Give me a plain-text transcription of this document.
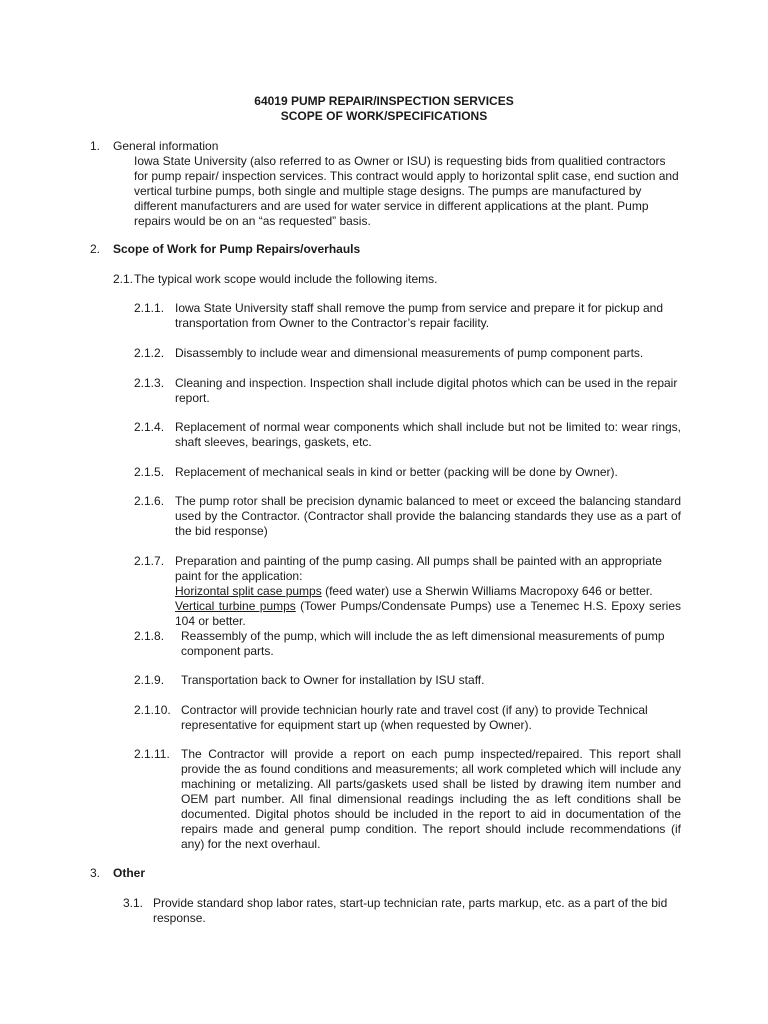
64019 PUMP REPAIR/INSPECTION SERVICES
SCOPE OF WORK/SPECIFICATIONS
1. General information
Iowa State University (also referred to as Owner or ISU) is requesting bids from qualitied contractors for pump repair/ inspection services. This contract would apply to horizontal split case, end suction and vertical turbine pumps, both single and multiple stage designs. The pumps are manufactured by different manufacturers and are used for water service in different applications at the plant. Pump repairs would be on an “as requested” basis.
2. Scope of Work for Pump Repairs/overhauls
2.1. The typical work scope would include the following items.
2.1.1. Iowa State University staff shall remove the pump from service and prepare it for pickup and transportation from Owner to the Contractor’s repair facility.
2.1.2. Disassembly to include wear and dimensional measurements of pump component parts.
2.1.3. Cleaning and inspection. Inspection shall include digital photos which can be used in the repair report.
2.1.4. Replacement of normal wear components which shall include but not be limited to: wear rings, shaft sleeves, bearings, gaskets, etc.
2.1.5. Replacement of mechanical seals in kind or better (packing will be done by Owner).
2.1.6. The pump rotor shall be precision dynamic balanced to meet or exceed the balancing standard used by the Contractor. (Contractor shall provide the balancing standards they use as a part of the bid response)
2.1.7. Preparation and painting of the pump casing. All pumps shall be painted with an appropriate paint for the application:
Horizontal split case pumps (feed water) use a Sherwin Williams Macropoxy 646 or better.
Vertical turbine pumps (Tower Pumps/Condensate Pumps) use a Tenemec H.S. Epoxy series 104 or better.
2.1.8. Reassembly of the pump, which will include the as left dimensional measurements of pump component parts.
2.1.9. Transportation back to Owner for installation by ISU staff.
2.1.10. Contractor will provide technician hourly rate and travel cost (if any) to provide Technical representative for equipment start up (when requested by Owner).
2.1.11. The Contractor will provide a report on each pump inspected/repaired. This report shall provide the as found conditions and measurements; all work completed which will include any machining or metalizing. All parts/gaskets used shall be listed by drawing item number and OEM part number. All final dimensional readings including the as left conditions shall be documented. Digital photos should be included in the report to aid in documentation of the repairs made and general pump condition. The report should include recommendations (if any) for the next overhaul.
3. Other
3.1. Provide standard shop labor rates, start-up technician rate, parts markup, etc. as a part of the bid response.
